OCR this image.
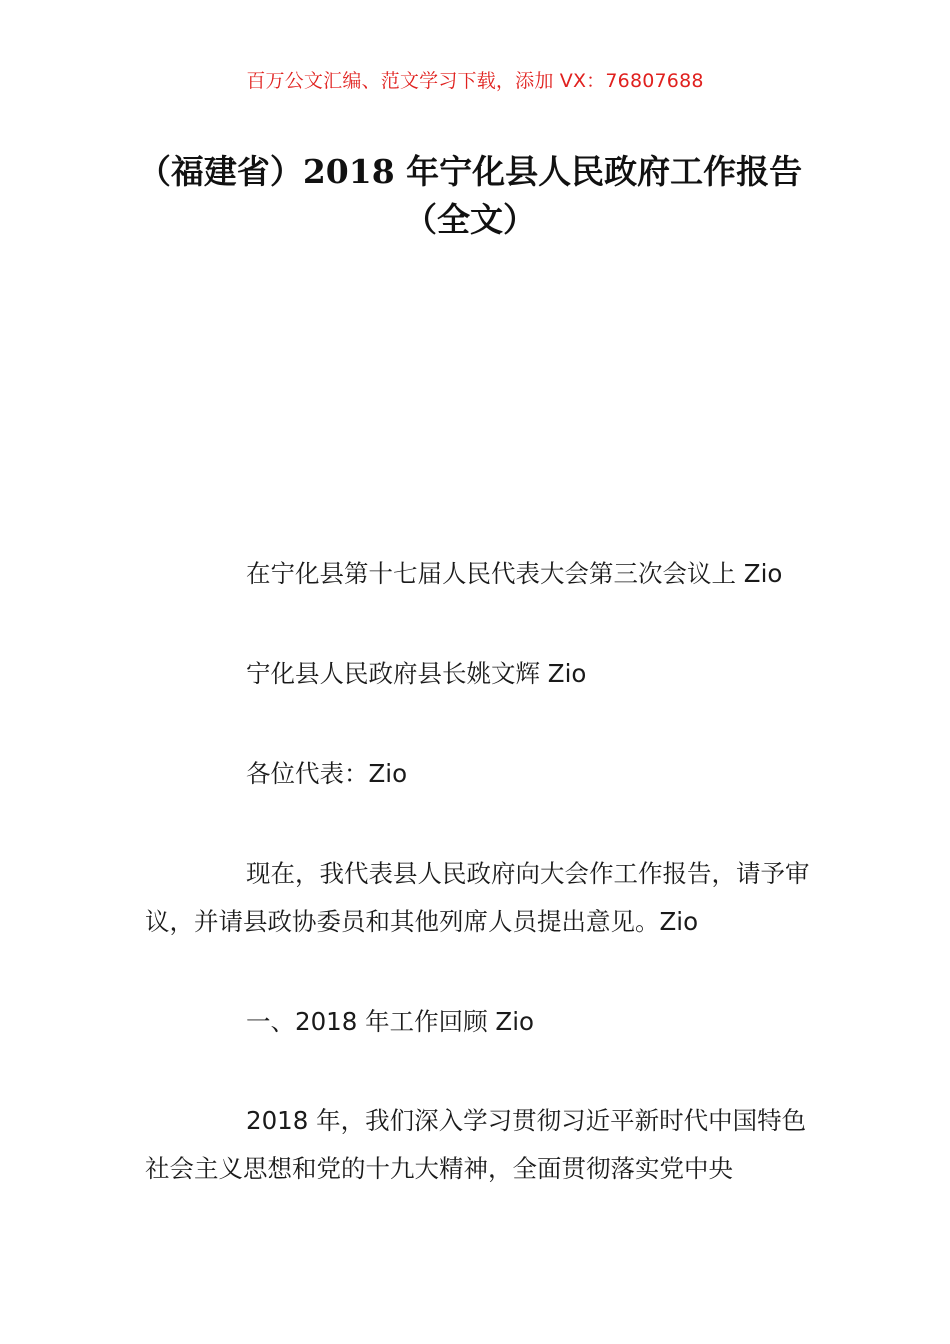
百万公文汇编、范文学习下载，添加 VX：76807688
（福建省）2018 年宁化县人民政府工作报告（全文）
在宁化县第十七届人民代表大会第三次会议上 Zio
宁化县人民政府县长姚文辉 Zio
各位代表：Zio
现在，我代表县人民政府向大会作工作报告，请予审议，并请县政协委员和其他列席人员提出意见。Zio
一、2018 年工作回顾 Zio
2018 年，我们深入学习贯彻习近平新时代中国特色社会主义思想和党的十九大精神，全面贯彻落实党中央
